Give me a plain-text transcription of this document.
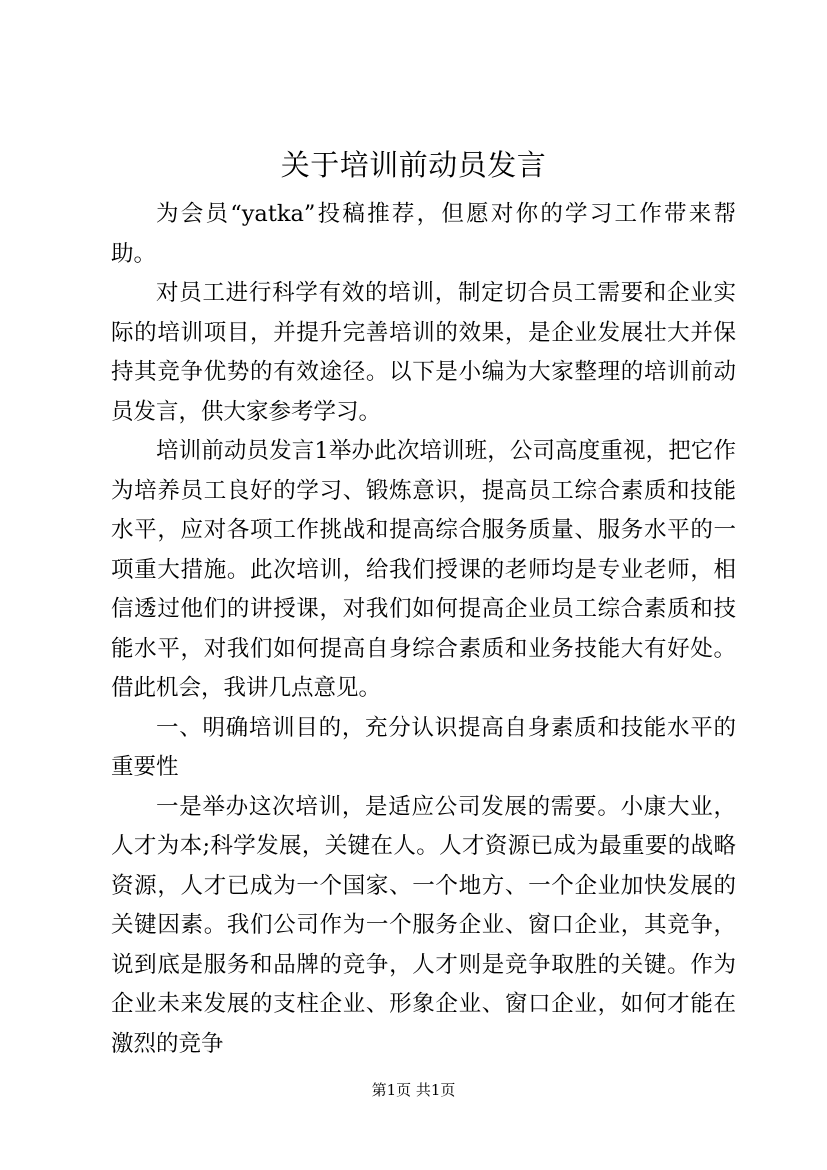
关于培训前动员发言

为会员“yatka”投稿推荐，但愿对你的学习工作带来帮助。

对员工进行科学有效的培训，制定切合员工需要和企业实际的培训项目，并提升完善培训的效果，是企业发展壮大并保持其竞争优势的有效途径。以下是小编为大家整理的培训前动员发言，供大家参考学习。

培训前动员发言1举办此次培训班，公司高度重视，把它作为培养员工良好的学习、锻炼意识，提高员工综合素质和技能水平，应对各项工作挑战和提高综合服务质量、服务水平的一项重大措施。此次培训，给我们授课的老师均是专业老师，相信透过他们的讲授课，对我们如何提高企业员工综合素质和技能水平，对我们如何提高自身综合素质和业务技能大有好处。借此机会，我讲几点意见。

一、明确培训目的，充分认识提高自身素质和技能水平的重要性

一是举办这次培训，是适应公司发展的需要。小康大业，人才为本;科学发展，关键在人。人才资源已成为最重要的战略资源，人才已成为一个国家、一个地方、一个企业加快发展的关键因素。我们公司作为一个服务企业、窗口企业，其竞争，说到底是服务和品牌的竞争，人才则是竞争取胜的关键。作为企业未来发展的支柱企业、形象企业、窗口企业，如何才能在激烈的竞争

第1页 共1页
